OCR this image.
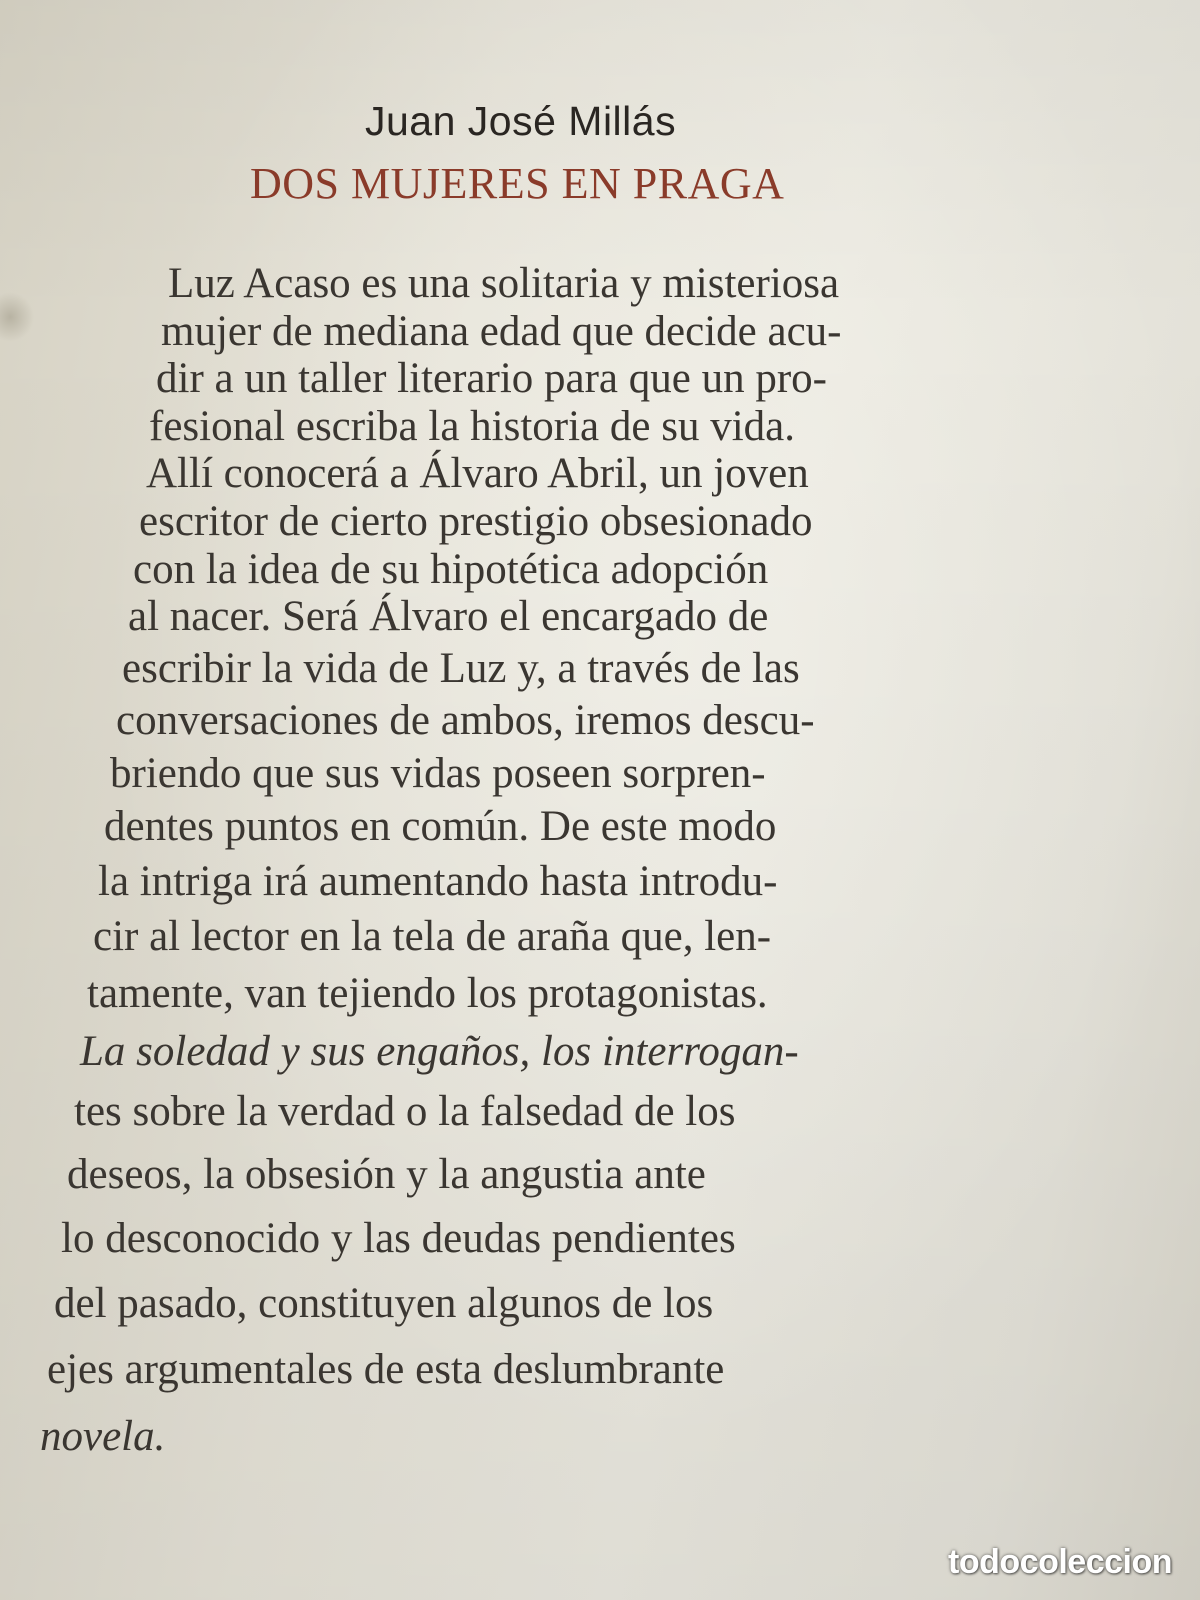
Juan José Millás
DOS MUJERES EN PRAGA
Luz Acaso es una solitaria y misteriosa
mujer de mediana edad que decide acu-
dir a un taller literario para que un pro-
fesional escriba la historia de su vida.
Allí conocerá a Álvaro Abril, un joven
escritor de cierto prestigio obsesionado
con la idea de su hipotética adopción
al nacer. Será Álvaro el encargado de
escribir la vida de Luz y, a través de las
conversaciones de ambos, iremos descu-
briendo que sus vidas poseen sorpren-
dentes puntos en común. De este modo
la intriga irá aumentando hasta introdu-
cir al lector en la tela de araña que, len-
tamente, van tejiendo los protagonistas.
La soledad y sus engaños, los interrogan-
tes sobre la verdad o la falsedad de los
deseos, la obsesión y la angustia ante
lo desconocido y las deudas pendientes
del pasado, constituyen algunos de los
ejes argumentales de esta deslumbrante
novela.
todocoleccion
